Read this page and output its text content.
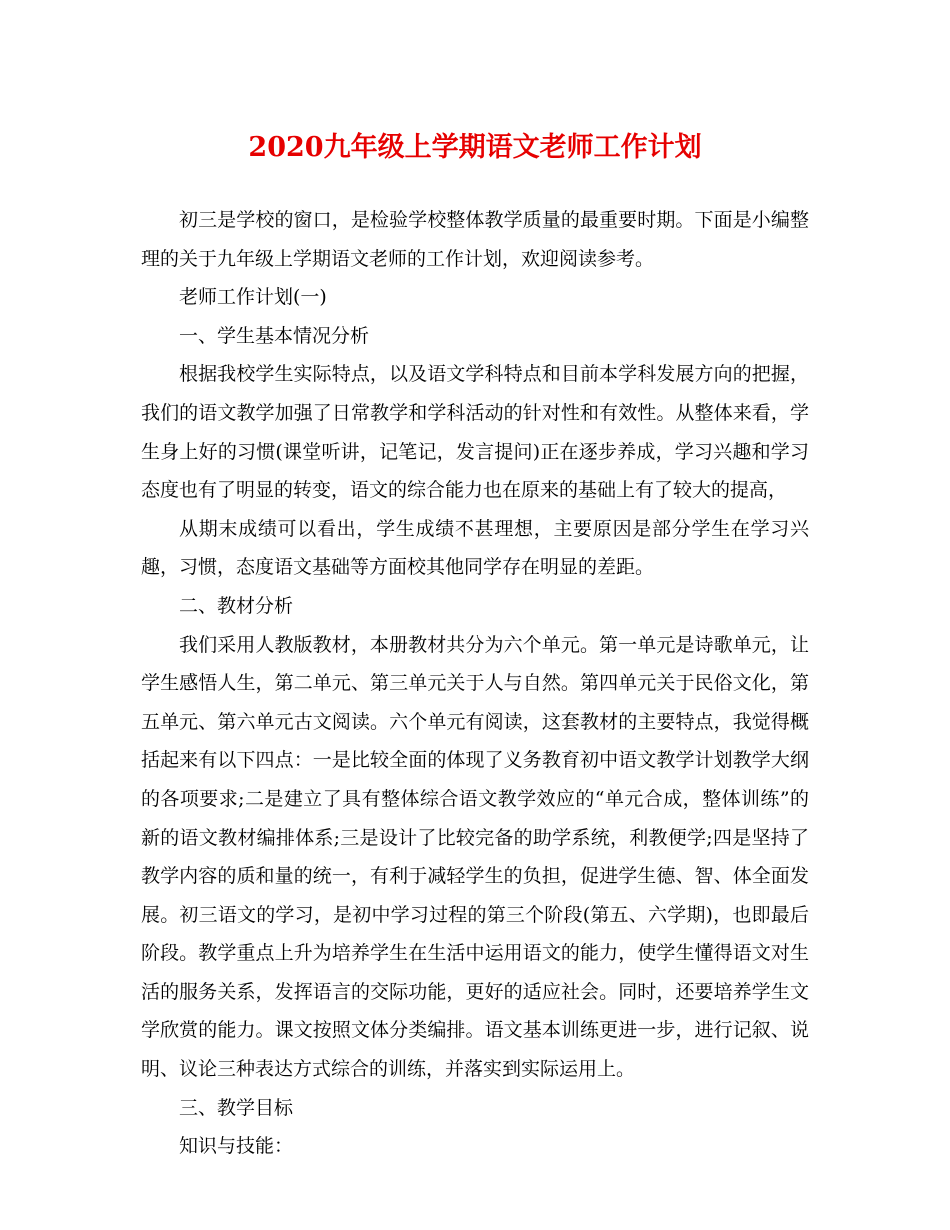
2020九年级上学期语文老师工作计划

初三是学校的窗口，是检验学校整体教学质量的最重要时期。下面是小编整理的关于九年级上学期语文老师的工作计划，欢迎阅读参考。

老师工作计划(一)

一、学生基本情况分析

根据我校学生实际特点，以及语文学科特点和目前本学科发展方向的把握，我们的语文教学加强了日常教学和学科活动的针对性和有效性。从整体来看，学生身上好的习惯(课堂听讲，记笔记，发言提问)正在逐步养成，学习兴趣和学习态度也有了明显的转变，语文的综合能力也在原来的基础上有了较大的提高，

从期末成绩可以看出，学生成绩不甚理想，主要原因是部分学生在学习兴趣，习惯，态度语文基础等方面校其他同学存在明显的差距。

二、教材分析

我们采用人教版教材，本册教材共分为六个单元。第一单元是诗歌单元，让学生感悟人生，第二单元、第三单元关于人与自然。第四单元关于民俗文化，第五单元、第六单元古文阅读。六个单元有阅读，这套教材的主要特点，我觉得概括起来有以下四点：一是比较全面的体现了义务教育初中语文教学计划教学大纲的各项要求;二是建立了具有整体综合语文教学效应的“单元合成，整体训练”的新的语文教材编排体系;三是设计了比较完备的助学系统，利教便学;四是坚持了教学内容的质和量的统一，有利于减轻学生的负担，促进学生德、智、体全面发展。初三语文的学习，是初中学习过程的第三个阶段(第五、六学期)，也即最后阶段。教学重点上升为培养学生在生活中运用语文的能力，使学生懂得语文对生活的服务关系，发挥语言的交际功能，更好的适应社会。同时，还要培养学生文学欣赏的能力。课文按照文体分类编排。语文基本训练更进一步，进行记叙、说明、议论三种表达方式综合的训练，并落实到实际运用上。

三、教学目标

知识与技能：
